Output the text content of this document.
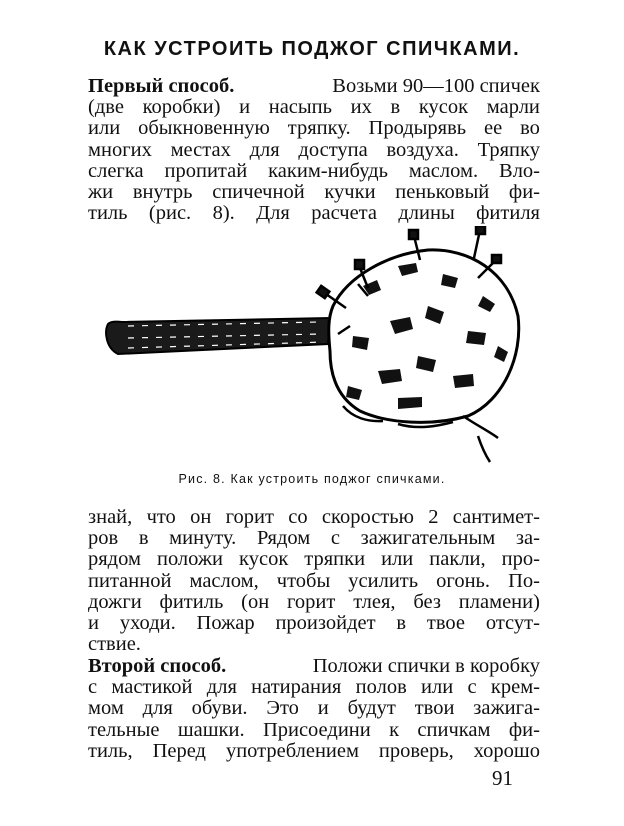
КАК УСТРОИТЬ ПОДЖОГ СПИЧКАМИ.
Первый способ.	Возьми 90—100 спичек
(две коробки) и насыпь их в кусок марли
или обыкновенную тряпку. Продырявь ее во
многих местах для доступа воздуха. Тряпку
слегка пропитай каким-нибудь маслом. Вло-
жи внутрь спичечной кучки пеньковый фи-
тиль (рис. 8). Для расчета длины фитиля
Рис. 8. Как устроить поджог спичками.
знай, что он горит со скоростью 2 сантимет-
ров в минуту. Рядом с зажигательным за-
рядом положи кусок тряпки или пакли, про-
питанной маслом, чтобы усилить огонь. По-
дожги фитиль (он горит тлея, без пламени)
и уходи. Пожар произойдет в твое отсут-
ствие.
Второй способ.	Положи спички в коробку
с мастикой для натирания полов или с крем-
мом для обуви. Это и будут твои зажига-
тельные шашки. Присоедини к спичкам фи-
тиль, Перед употреблением проверь, хорошо
91
